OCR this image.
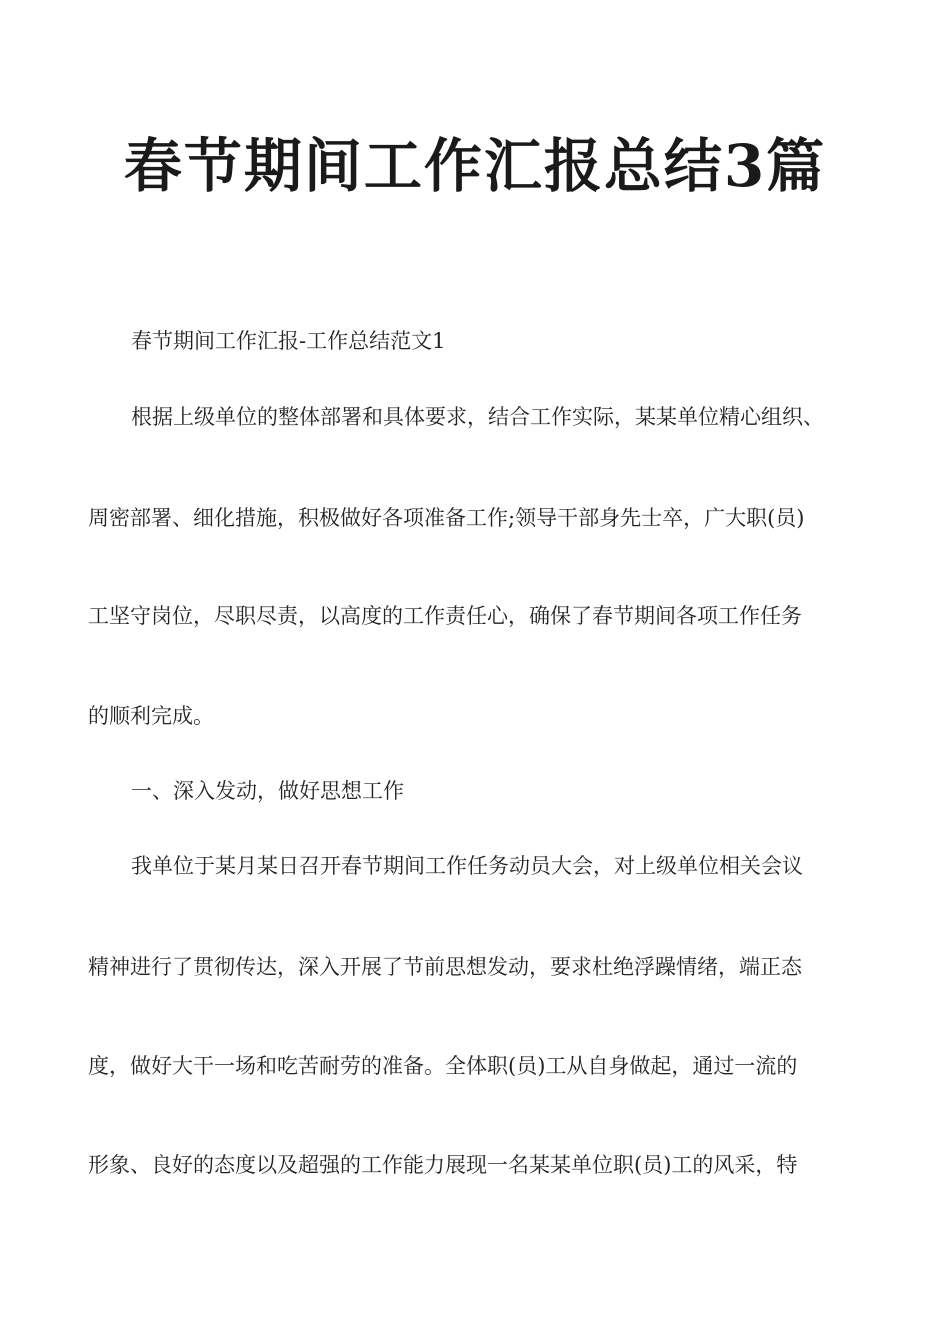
春节期间工作汇报总结3篇
春节期间工作汇报-工作总结范文1
根据上级单位的整体部署和具体要求，结合工作实际，某某单位精心组织、
周密部署、细化措施，积极做好各项准备工作;领导干部身先士卒，广大职(员)
工坚守岗位，尽职尽责，以高度的工作责任心，确保了春节期间各项工作任务
的顺利完成。
一、深入发动，做好思想工作
我单位于某月某日召开春节期间工作任务动员大会，对上级单位相关会议
精神进行了贯彻传达，深入开展了节前思想发动，要求杜绝浮躁情绪，端正态
度，做好大干一场和吃苦耐劳的准备。全体职(员)工从自身做起，通过一流的
形象、良好的态度以及超强的工作能力展现一名某某单位职(员)工的风采，特
